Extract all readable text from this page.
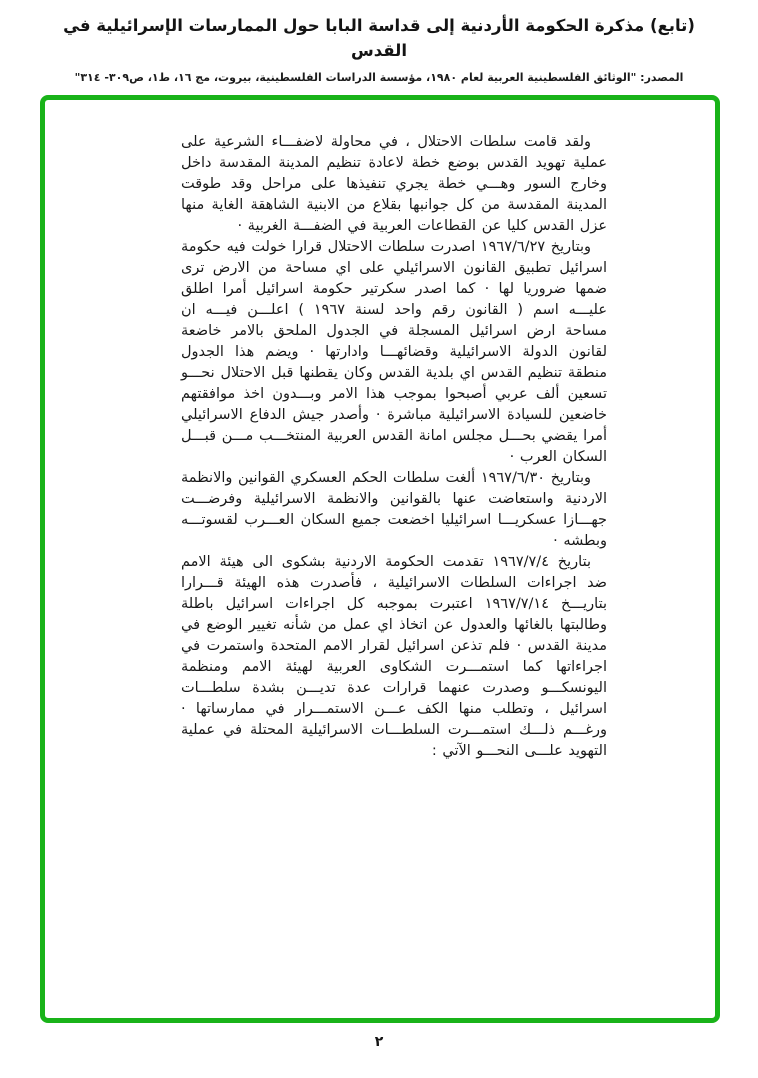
(تابع) مذكرة الحكومة الأردنية إلى قداسة البابا حول الممارسات الإسرائيلية في القدس
المصدر: "الوثائق الفلسطينية العربية لعام ١٩٨٠، مؤسسة الدراسات الفلسطينية، بيروت، مج ١٦، ط١، ص٣٠٩- ٣١٤"

ولقد قامت سلطات الاحتلال ، في محاولة لاضفـــاء الشرعية على عملية تهويد القدس بوضع خطة لاعادة تنظيم المدينة المقدسة داخل وخارج السور وهـــي خطة يجري تنفيذها على مراحل وقد طوقت المدينة المقدسة من كل جوانبها بقلاع من الابنية الشاهقة الغاية منها عزل القدس كليا عن القطاعات العربية في الضفـــة الغربية ·

وبتاريخ ١٩٦٧/٦/٢٧ اصدرت سلطات الاحتلال قرارا خولت فيه حكومة اسرائيل تطبيق القانون الاسرائيلي على اي مساحة من الارض ترى ضمها ضروريا لها · كما اصدر سكرتير حكومة اسرائيل أمرا اطلق عليـــه اسم ( القانون رقم واحد لسنة ١٩٦٧ ) اعلـــن فيـــه ان مساحة ارض اسرائيل المسجلة في الجدول الملحق بالامر خاضعة لقانون الدولة الاسرائيلية وقضائهـــا وادارتها · ويضم هذا الجدول منطقة تنظيم القدس اي بلدية القدس وكان يقطنها قبل الاحتلال نحـــو تسعين ألف عربي أصبحوا بموجب هذا الامر وبـــدون اخذ موافقتهم خاضعين للسيادة الاسرائيلية مباشرة · وأصدر جيش الدفاع الاسرائيلي أمرا يقضي بحـــل مجلس امانة القدس العربية المنتخـــب مـــن قبـــل السكان العرب ·

وبتاريخ ١٩٦٧/٦/٣٠ ألغت سلطات الحكم العسكري القوانين والانظمة الاردنية واستعاضت عنها بالقوانين والانظمة الاسرائيلية وفرضـــت جهـــازا عسكريـــا اسرائيليا اخضعت جميع السكان العـــرب لقسوتـــه وبطشه ·

بتاريخ ١٩٦٧/٧/٤ تقدمت الحكومة الاردنية بشكوى الى هيئة الامم ضد اجراءات السلطات الاسرائيلية ، فأصدرت هذه الهيئة قـــرارا بتاريـــخ ١٩٦٧/٧/١٤ اعتبرت بموجبه كل اجراءات اسرائيل باطلة وطالبتها بالغائها والعدول عن اتخاذ اي عمل من شأنه تغيير الوضع في مدينة القدس · فلم تذعن اسرائيل لقرار الامم المتحدة واستمرت في اجراءاتها كما استمـــرت الشكاوى العربية لهيئة الامم ومنظمة اليونسكـــو وصدرت عنهما قرارات عدة تديـــن بشدة سلطـــات اسرائيل ، وتطلب منها الكف عـــن الاستمـــرار في ممارساتها · ورغـــم ذلـــك استمـــرت السلطـــات الاسرائيلية المحتلة في عملية التهويد علـــى النحـــو الآتي :

٢
